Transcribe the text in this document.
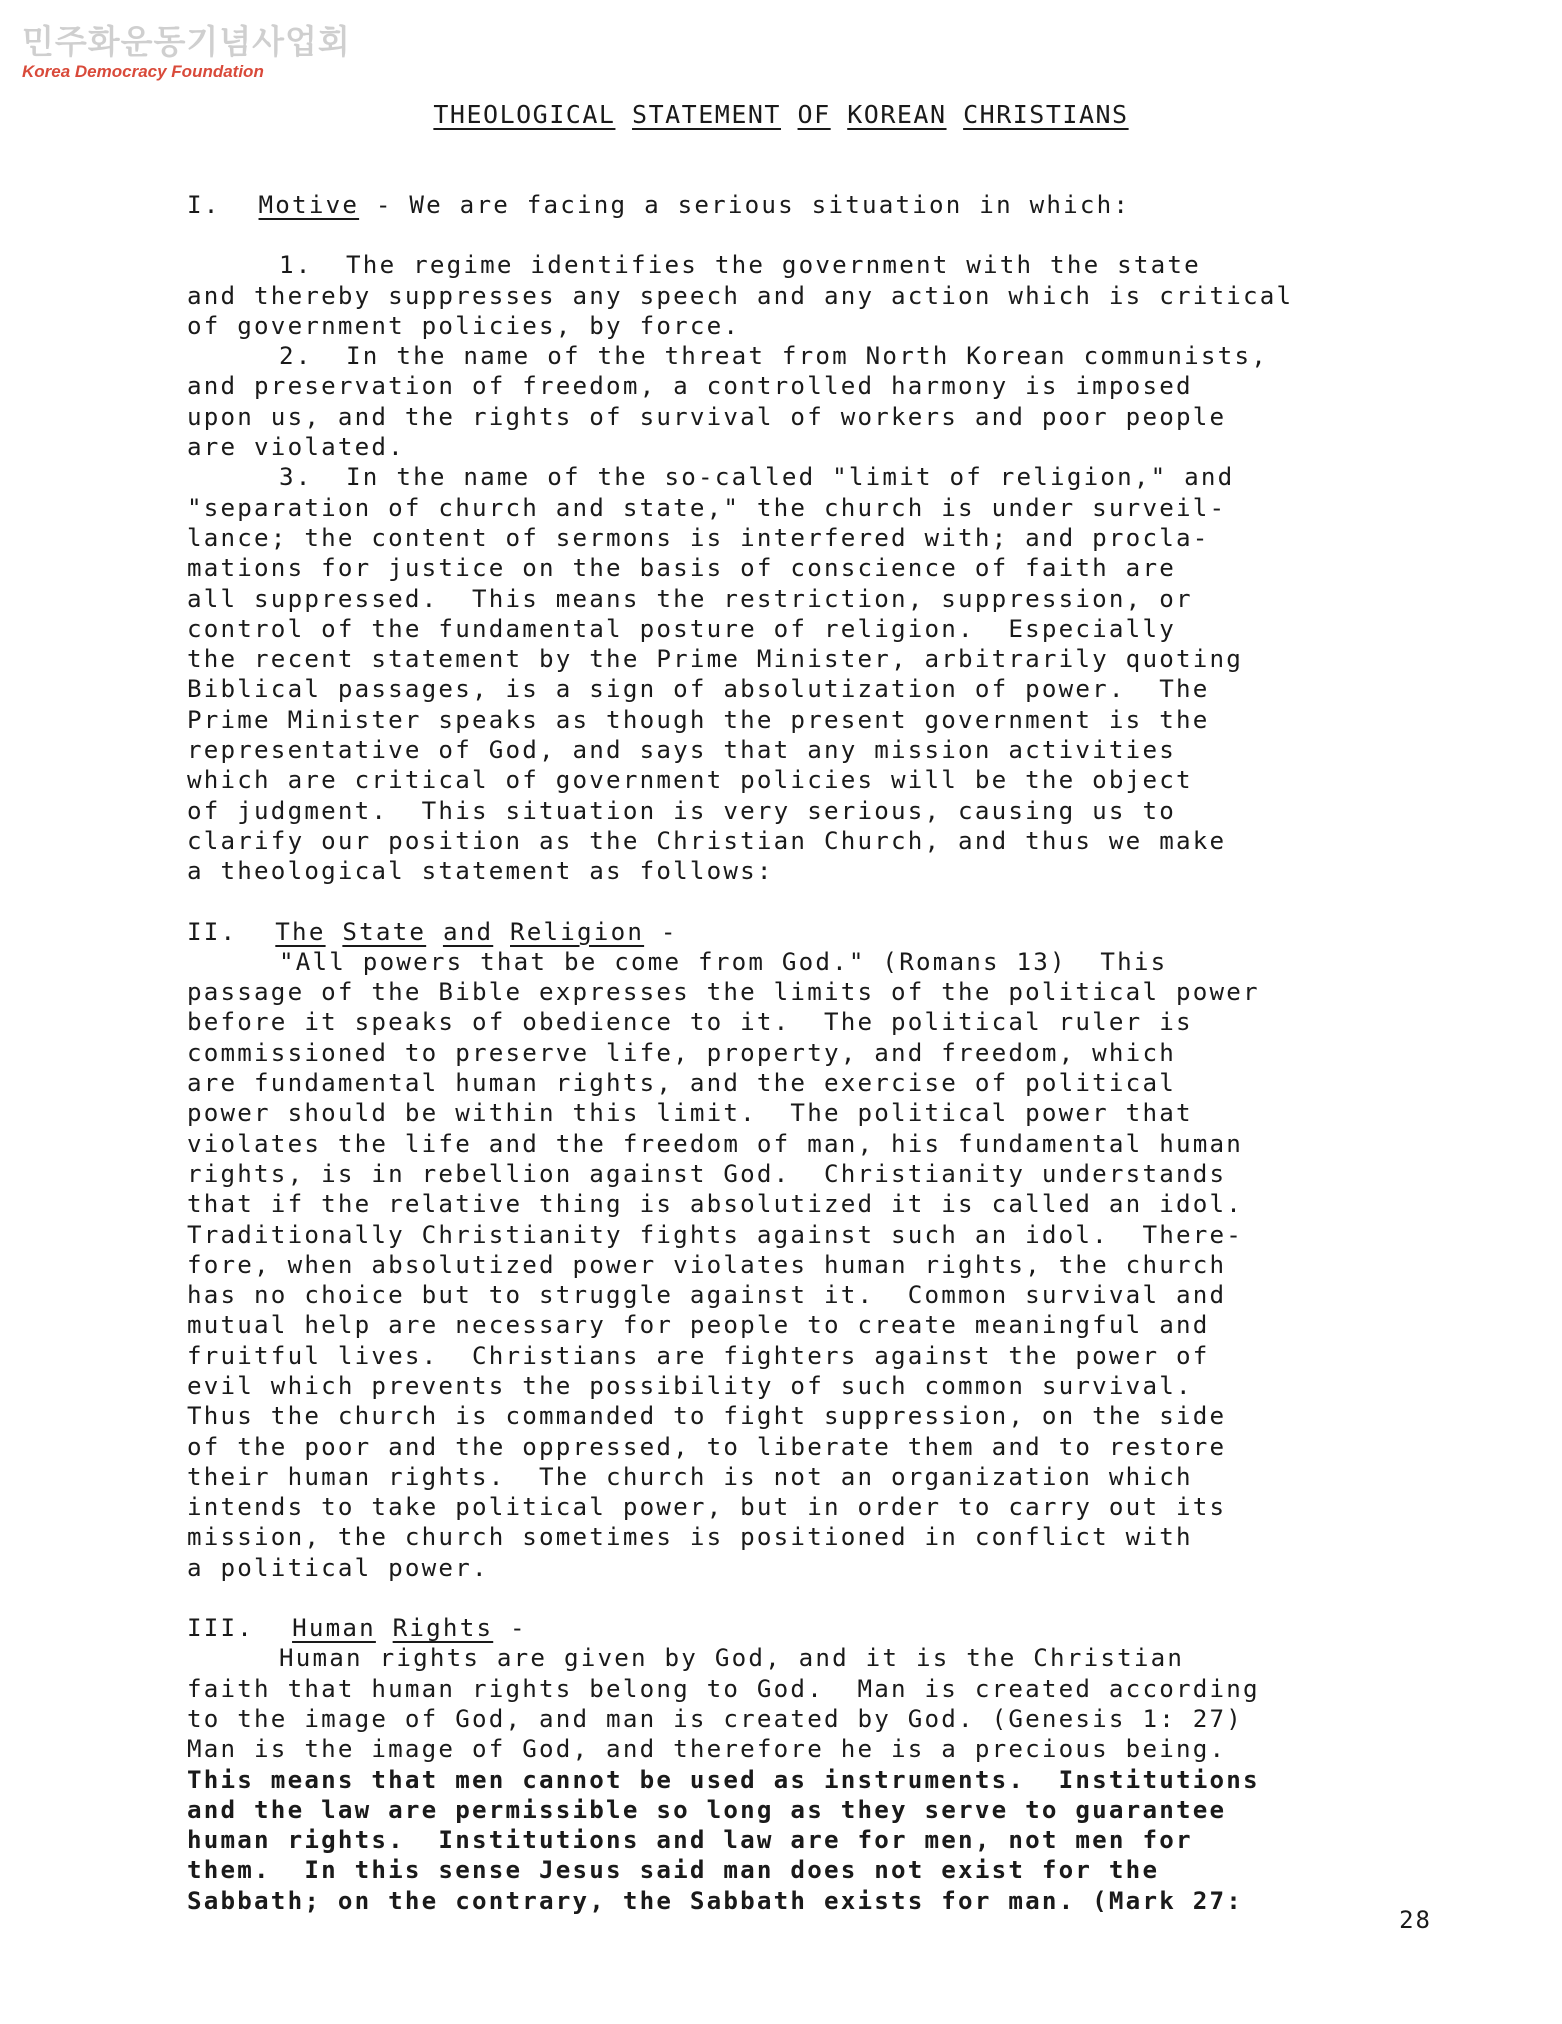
민주화운동기념사업회
Korea Democracy Foundation
THEOLOGICAL STATEMENT OF KOREAN CHRISTIANS
I. Motive - We are facing a serious situation in which:
1.  The regime identifies the government with the state
and thereby suppresses any speech and any action which is critical
of government policies, by force.
2.  In the name of the threat from North Korean communists,
and preservation of freedom, a controlled harmony is imposed
upon us, and the rights of survival of workers and poor people
are violated.
3.  In the name of the so-called "limit of religion," and
"separation of church and state," the church is under surveil-
lance; the content of sermons is interfered with; and procla-
mations for justice on the basis of conscience of faith are
all suppressed.  This means the restriction, suppression, or
control of the fundamental posture of religion.  Especially
the recent statement by the Prime Minister, arbitrarily quoting
Biblical passages, is a sign of absolutization of power.  The
Prime Minister speaks as though the present government is the
representative of God, and says that any mission activities
which are critical of government policies will be the object
of judgment.  This situation is very serious, causing us to
clarify our position as the Christian Church, and thus we make
a theological statement as follows:
II. The State and Religion -
"All powers that be come from God." (Romans 13)  This
passage of the Bible expresses the limits of the political power
before it speaks of obedience to it.  The political ruler is
commissioned to preserve life, property, and freedom, which
are fundamental human rights, and the exercise of political
power should be within this limit.  The political power that
violates the life and the freedom of man, his fundamental human
rights, is in rebellion against God.  Christianity understands
that if the relative thing is absolutized it is called an idol.
Traditionally Christianity fights against such an idol.  There-
fore, when absolutized power violates human rights, the church
has no choice but to struggle against it.  Common survival and
mutual help are necessary for people to create meaningful and
fruitful lives.  Christians are fighters against the power of
evil which prevents the possibility of such common survival.
Thus the church is commanded to fight suppression, on the side
of the poor and the oppressed, to liberate them and to restore
their human rights.  The church is not an organization which
intends to take political power, but in order to carry out its
mission, the church sometimes is positioned in conflict with
a political power.
III. Human Rights -
Human rights are given by God, and it is the Christian
faith that human rights belong to God.  Man is created according
to the image of God, and man is created by God. (Genesis 1: 27)
Man is the image of God, and therefore he is a precious being.
This means that men cannot be used as instruments.  Institutions
and the law are permissible so long as they serve to guarantee
human rights.  Institutions and law are for men, not men for
them.  In this sense Jesus said man does not exist for the
Sabbath; on the contrary, the Sabbath exists for man. (Mark 27:
28
